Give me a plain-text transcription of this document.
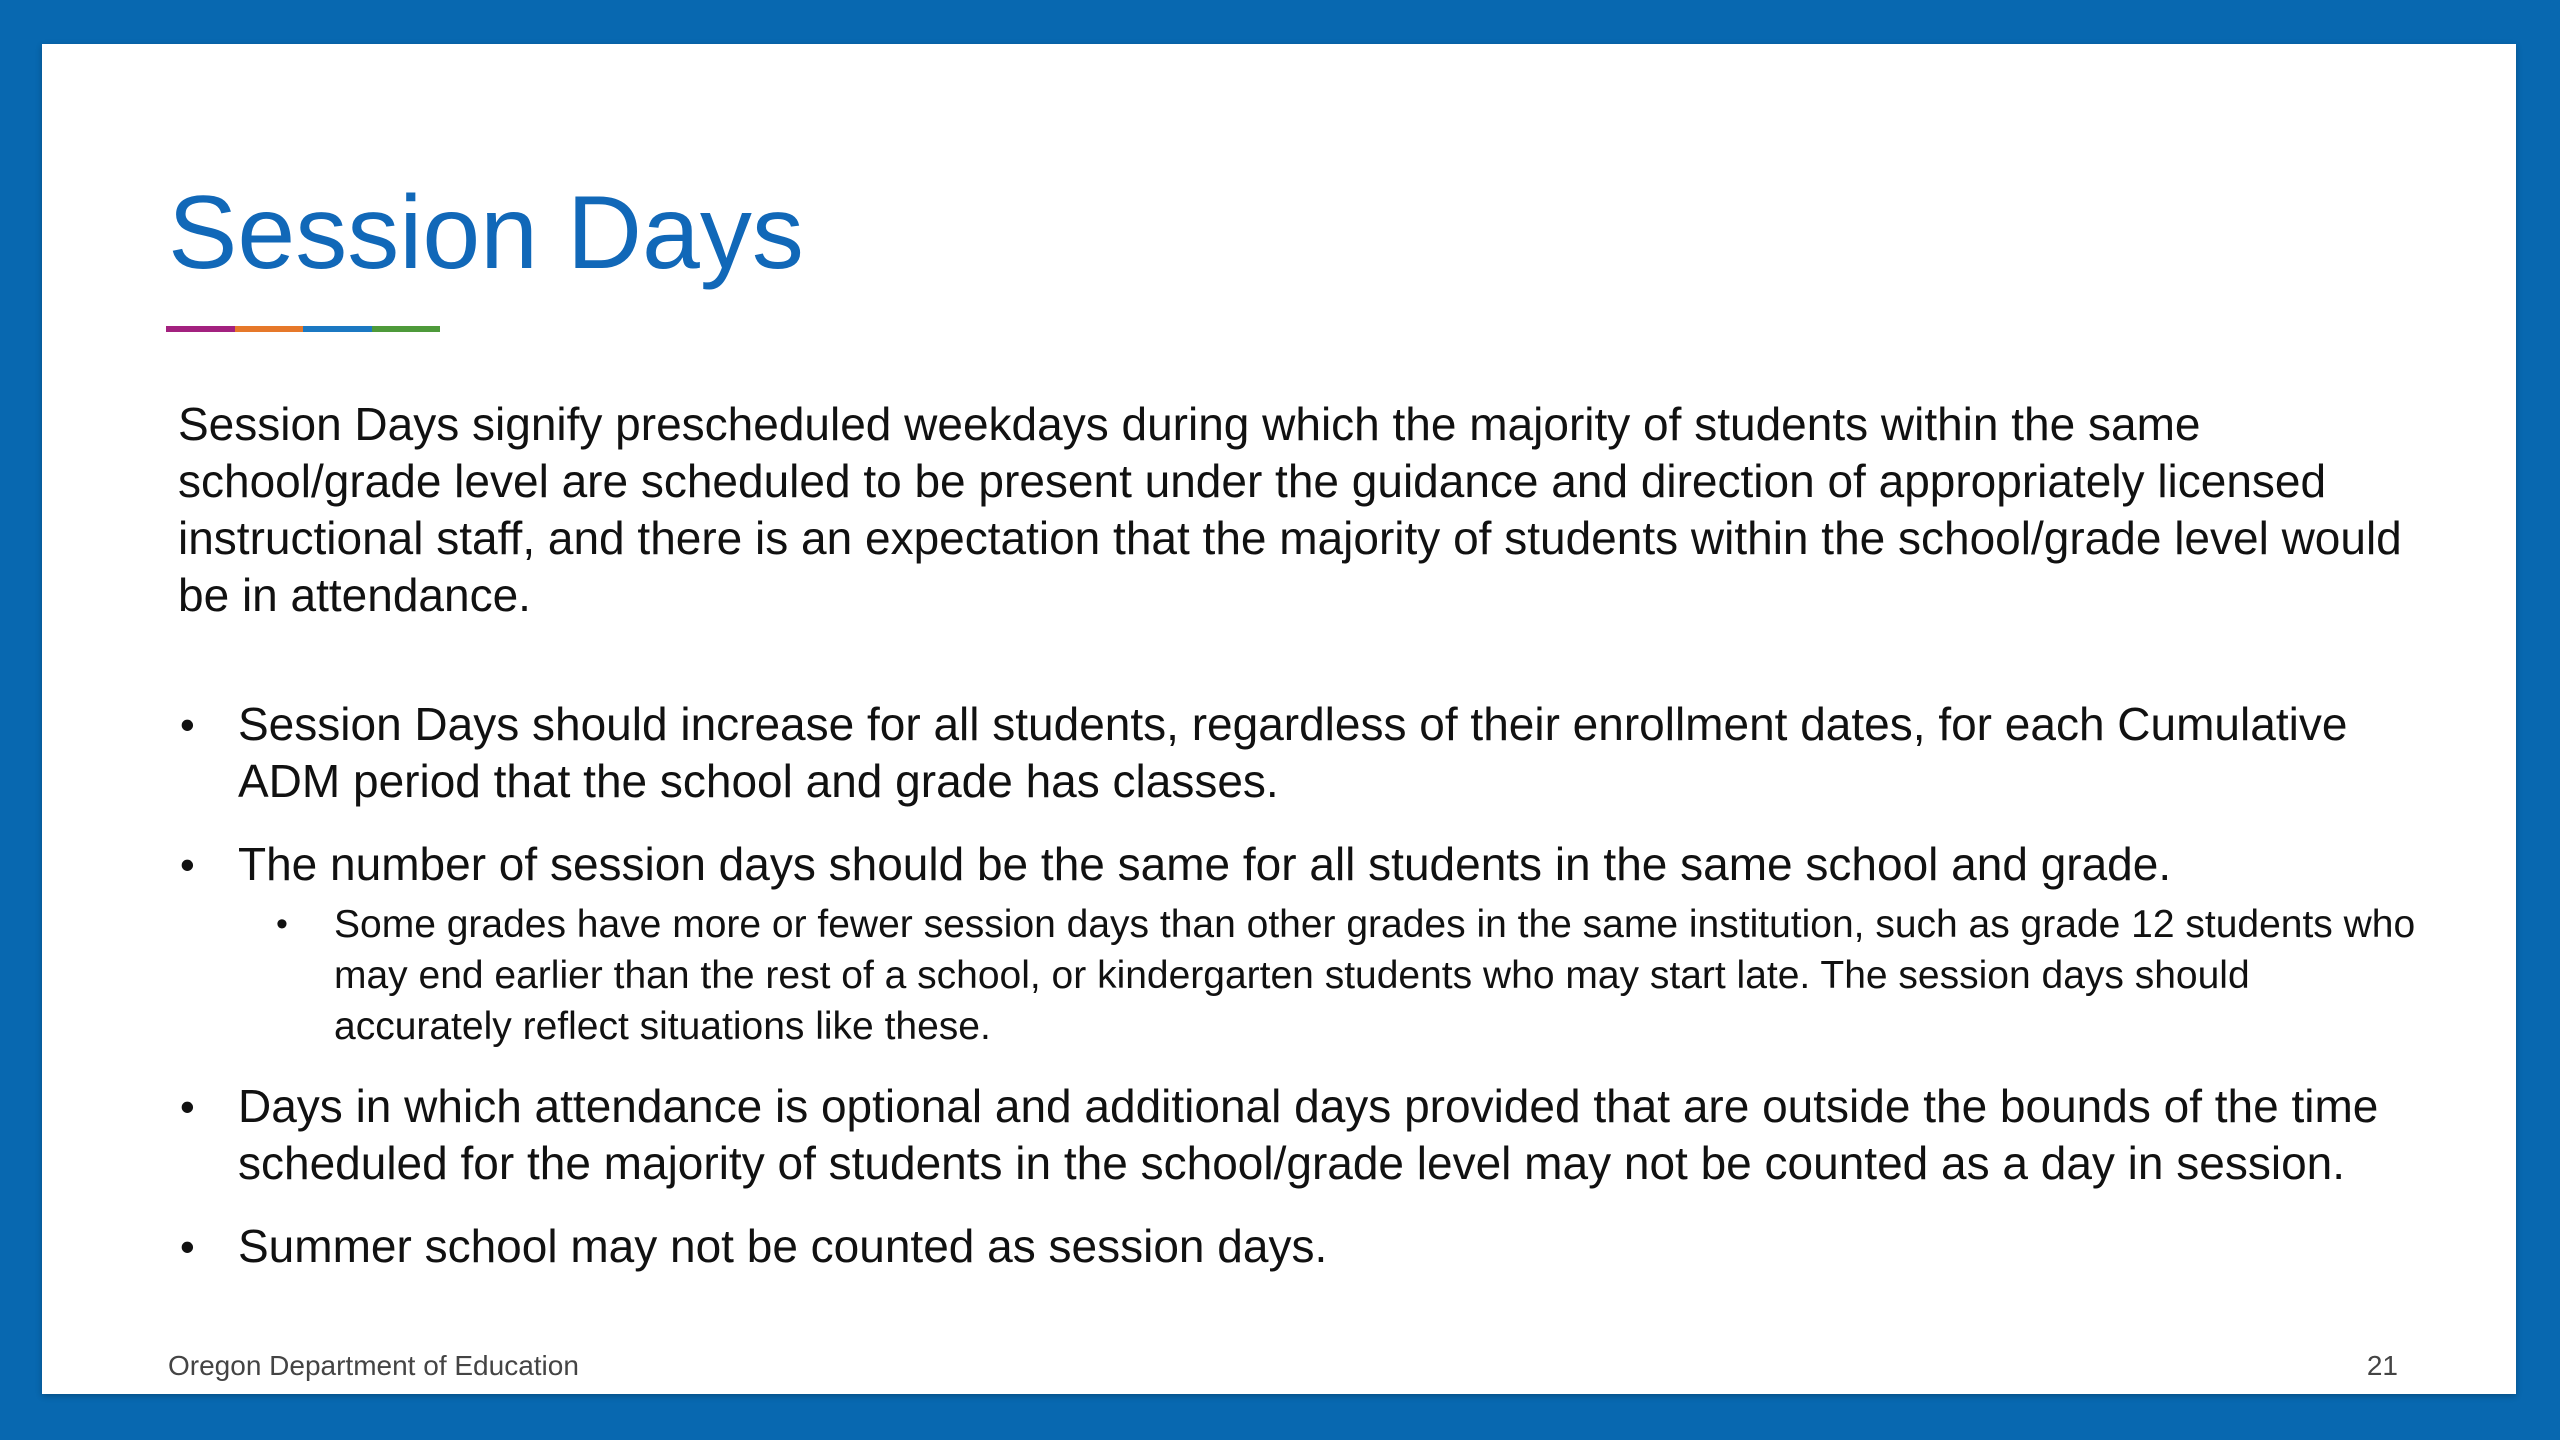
Session Days

Session Days signify prescheduled weekdays during which the majority of students within the same school/grade level are scheduled to be present under the guidance and direction of appropriately licensed instructional staff, and there is an expectation that the majority of students within the school/grade level would be in attendance.

• Session Days should increase for all students, regardless of their enrollment dates, for each Cumulative ADM period that the school and grade has classes.
• The number of session days should be the same for all students in the same school and grade.
• Some grades have more or fewer session days than other grades in the same institution, such as grade 12 students who may end earlier than the rest of a school, or kindergarten students who may start late. The session days should accurately reflect situations like these.
• Days in which attendance is optional and additional days provided that are outside the bounds of the time scheduled for the majority of students in the school/grade level may not be counted as a day in session.
• Summer school may not be counted as session days.
Oregon Department of Education	21
